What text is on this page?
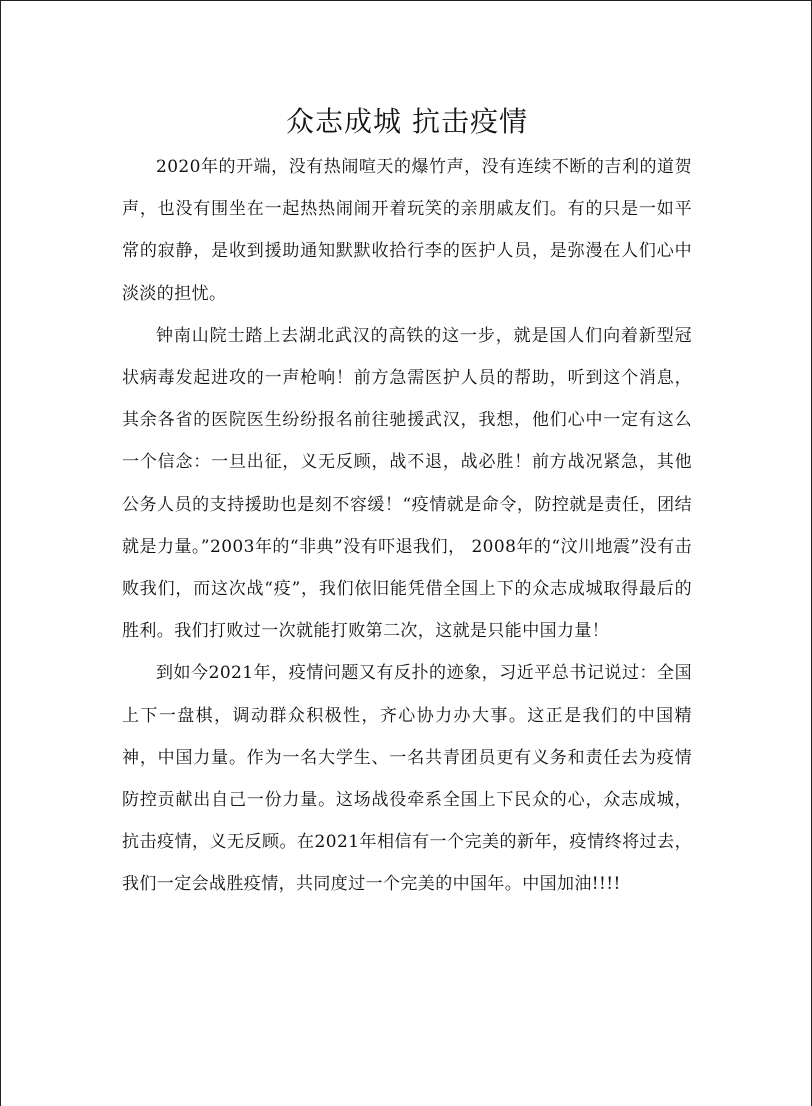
众志成城 抗击疫情

2020年的开端，没有热闹喧天的爆竹声，没有连续不断的吉利的道贺声，也没有围坐在一起热热闹闹开着玩笑的亲朋戚友们。有的只是一如平常的寂静，是收到援助通知默默收拾行李的医护人员，是弥漫在人们心中淡淡的担忧。

钟南山院士踏上去湖北武汉的高铁的这一步，就是国人们向着新型冠状病毒发起进攻的一声枪响！前方急需医护人员的帮助，听到这个消息，其余各省的医院医生纷纷报名前往驰援武汉，我想，他们心中一定有这么一个信念：一旦出征，义无反顾，战不退，战必胜！前方战况紧急，其他公务人员的支持援助也是刻不容缓！“疫情就是命令，防控就是责任，团结就是力量。”2003年的“非典”没有吓退我们， 2008年的“汶川地震”没有击败我们，而这次战“疫”，我们依旧能凭借全国上下的众志成城取得最后的胜利。我们打败过一次就能打败第二次，这就是只能中国力量！

到如今2021年，疫情问题又有反扑的迹象，习近平总书记说过：全国上下一盘棋，调动群众积极性，齐心协力办大事。这正是我们的中国精神，中国力量。作为一名大学生、一名共青团员更有义务和责任去为疫情防控贡献出自己一份力量。这场战役牵系全国上下民众的心，众志成城，抗击疫情，义无反顾。在2021年相信有一个完美的新年，疫情终将过去，我们一定会战胜疫情，共同度过一个完美的中国年。中国加油!!!!
